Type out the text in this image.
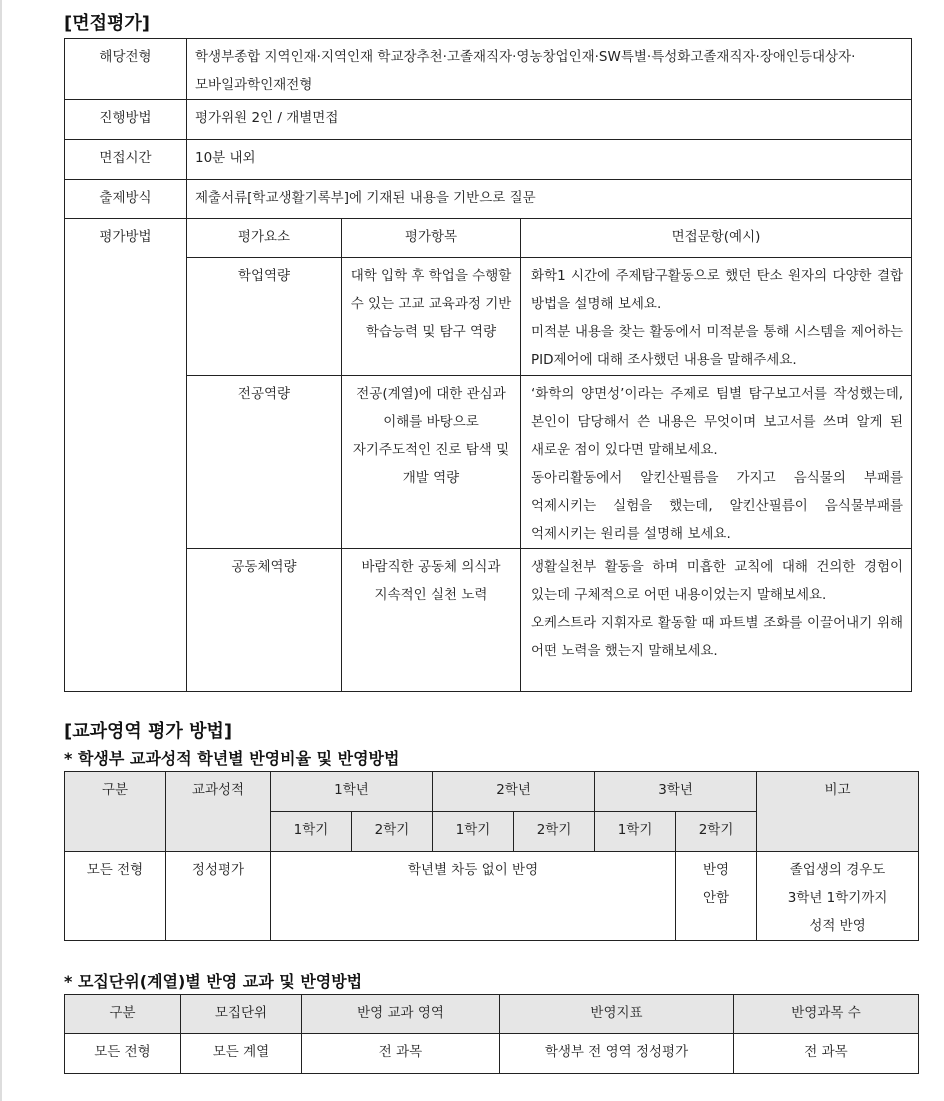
[면접평가]
해당전형	학생부종합 지역인재·지역인재 학교장추천·고졸재직자·영농창업인재·SW특별·특성화고졸재직자·장애인등대상자·모바일과학인재전형		
진행방법	평가위원 2인 / 개별면접		
면접시간	10분 내외		
출제방식	제출서류[학교생활기록부]에 기재된 내용을 기반으로 질문		
평가방법	평가요소	평가항목	면접문항(예시)
	학업역량	대학 입학 후 학업을 수행할 수 있는 고교 교육과정 기반 학습능력 및 탐구 역량	화학1 시간에 주제탐구활동으로 했던 탄소 원자의 다양한 결합 방법을 설명해 보세요.
미적분 내용을 찾는 활동에서 미적분을 통해 시스템을 제어하는 PID제어에 대해 조사했던 내용을 말해주세요.

	전공역량	전공(계열)에 대한 관심과 이해를 바탕으로 자기주도적인 진로 탐색 및 개발 역량	‘화학의 양면성’이라는 주제로 팀별 탐구보고서를 작성했는데, 본인이 담당해서 쓴 내용은 무엇이며 보고서를 쓰며 알게 된 새로운 점이 있다면 말해보세요.
동아리활동에서 알킨산필름을 가지고 음식물의 부패를 억제시키는 실험을 했는데, 알킨산필름이 음식물부패를 억제시키는 원리를 설명해 보세요.

	공동체역량	바람직한 공동체 의식과 지속적인 실천 노력	생활실천부 활동을 하며 미흡한 교칙에 대해 건의한 경험이 있는데 구체적으로 어떤 내용이었는지 말해보세요.
오케스트라 지휘자로 활동할 때 파트별 조화를 이끌어내기 위해 어떤 노력을 했는지 말해보세요.
[교과영역 평가 방법]
* 학생부 교과성적 학년별 반영비율 및 반영방법
구분	교과성적	1학년		2학년		3학년		비고
		1학기	2학기	1학기	2학기	1학기	2학기	
모든 전형	정성평가	학년별 차등 없이 반영					반영 안함	졸업생의 경우도 3학년 1학기까지 성적 반영
* 모집단위(계열)별 반영 교과 및 반영방법
구분	모집단위	반영 교과 영역	반영지표	반영과목 수
모든 전형	모든 계열	전 과목	학생부 전 영역 정성평가	전 과목
